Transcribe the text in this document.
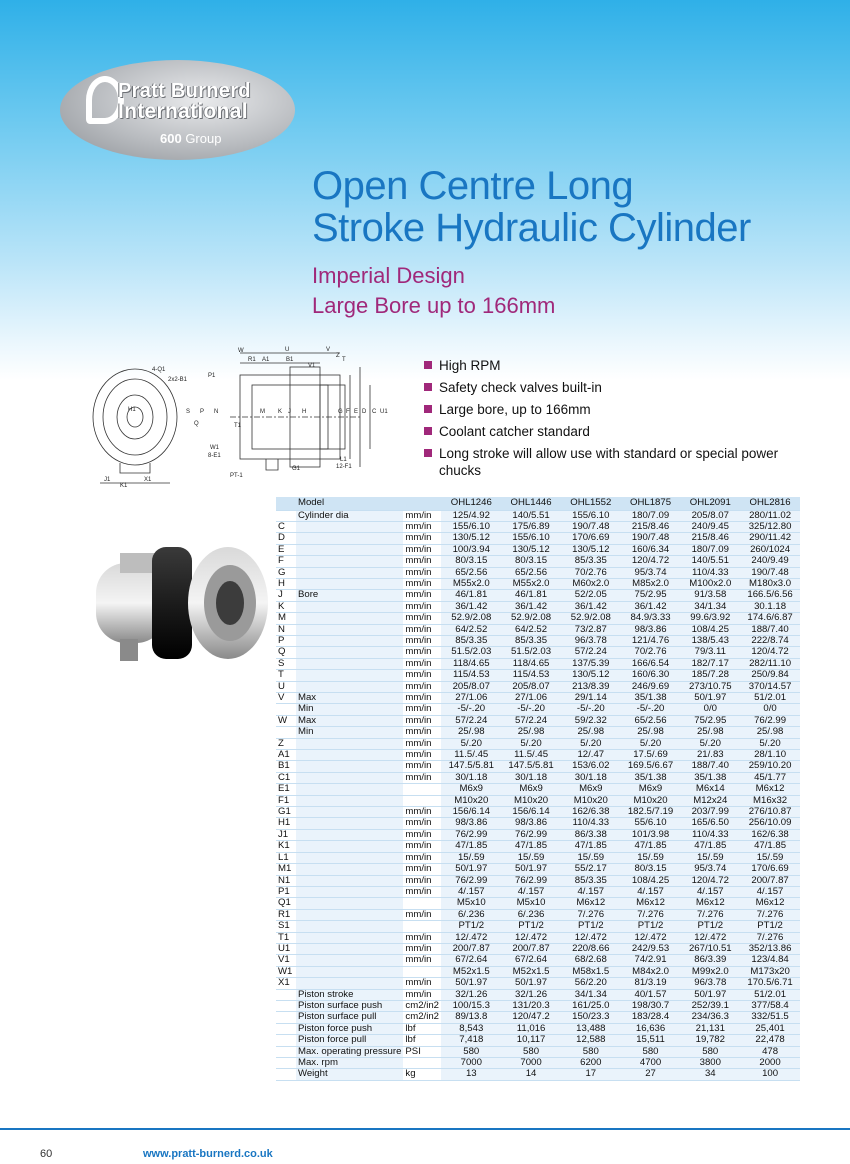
Pratt Burnerd
International
600 Group
Open Centre Long
Stroke Hydraulic Cylinder
Imperial Design
Large Bore up to 166mm
W	U	V
Z
T
R1 A1	B1
V1
4-Q1
2x2-B1
P1
S P N	M K J H	G F E D C U1
Q	T1
W1
8-E1
PT-1
G1
L1
12-F1
J1
K1
X1
H1
High RPM
Safety check valves built-in
Large bore, up to 166mm
Coolant catcher standard
Long stroke will allow use with standard or special power chucks
	Model		OHL1246	OHL1446	OHL1552	OHL1875	OHL2091	OHL2816
	Cylinder dia	mm/in	125/4.92	140/5.51	155/6.10	180/7.09	205/8.07	280/11.02
C		mm/in	155/6.10	175/6.89	190/7.48	215/8.46	240/9.45	325/12.80
D		mm/in	130/5.12	155/6.10	170/6.69	190/7.48	215/8.46	290/11.42
E		mm/in	100/3.94	130/5.12	130/5.12	160/6.34	180/7.09	260/1024
F		mm/in	80/3.15	80/3.15	85/3.35	120/4.72	140/5.51	240/9.49
G		mm/in	65/2.56	65/2.56	70/2.76	95/3.74	110/4.33	190/7.48
H		mm/in	M55x2.0	M55x2.0	M60x2.0	M85x2.0	M100x2.0	M180x3.0
J	Bore	mm/in	46/1.81	46/1.81	52/2.05	75/2.95	91/3.58	166.5/6.56
K		mm/in	36/1.42	36/1.42	36/1.42	36/1.42	34/1.34	30.1.18
M		mm/in	52.9/2.08	52.9/2.08	52.9/2.08	84.9/3.33	99.6/3.92	174.6/6.87
N		mm/in	64/2.52	64/2.52	73/2.87	98/3.86	108/4.25	188/7.40
P		mm/in	85/3.35	85/3.35	96/3.78	121/4.76	138/5.43	222/8.74
Q		mm/in	51.5/2.03	51.5/2.03	57/2.24	70/2.76	79/3.11	120/4.72
S		mm/in	118/4.65	118/4.65	137/5.39	166/6.54	182/7.17	282/11.10
T		mm/in	115/4.53	115/4.53	130/5.12	160/6.30	185/7.28	250/9.84
U		mm/in	205/8.07	205/8.07	213/8.39	246/9.69	273/10.75	370/14.57
V	Max	mm/in	27/1.06	27/1.06	29/1.14	35/1.38	50/1.97	51/2.01
	Min	mm/in	-5/-.20	-5/-.20	-5/-.20	-5/-.20	0/0	0/0
W	Max	mm/in	57/2.24	57/2.24	59/2.32	65/2.56	75/2.95	76/2.99
	Min	mm/in	25/.98	25/.98	25/.98	25/.98	25/.98	25/.98
Z		mm/in	5/.20	5/.20	5/.20	5/.20	5/.20	5/.20
A1		mm/in	11.5/.45	11.5/.45	12/.47	17.5/.69	21/.83	28/1.10
B1		mm/in	147.5/5.81	147.5/5.81	153/6.02	169.5/6.67	188/7.40	259/10.20
C1		mm/in	30/1.18	30/1.18	30/1.18	35/1.38	35/1.38	45/1.77
E1			M6x9	M6x9	M6x9	M6x9	M6x14	M6x12
F1			M10x20	M10x20	M10x20	M10x20	M12x24	M16x32
G1		mm/in	156/6.14	156/6.14	162/6.38	182.5/7.19	203/7.99	276/10.87
H1		mm/in	98/3.86	98/3.86	110/4.33	55/6.10	165/6.50	256/10.09
J1		mm/in	76/2.99	76/2.99	86/3.38	101/3.98	110/4.33	162/6.38
K1		mm/in	47/1.85	47/1.85	47/1.85	47/1.85	47/1.85	47/1.85
L1		mm/in	15/.59	15/.59	15/.59	15/.59	15/.59	15/.59
M1		mm/in	50/1.97	50/1.97	55/2.17	80/3.15	95/3.74	170/6.69
N1		mm/in	76/2.99	76/2.99	85/3.35	108/4.25	120/4.72	200/7.87
P1		mm/in	4/.157	4/.157	4/.157	4/.157	4/.157	4/.157
Q1			M5x10	M5x10	M6x12	M6x12	M6x12	M6x12
R1		mm/in	6/.236	6/.236	7/.276	7/.276	7/.276	7/.276
S1			PT1/2	PT1/2	PT1/2	PT1/2	PT1/2	PT1/2
T1		mm/in	12/.472	12/.472	12/.472	12/.472	12/.472	7/.276
U1		mm/in	200/7.87	200/7.87	220/8.66	242/9.53	267/10.51	352/13.86
V1		mm/in	67/2.64	67/2.64	68/2.68	74/2.91	86/3.39	123/4.84
W1			M52x1.5	M52x1.5	M58x1.5	M84x2.0	M99x2.0	M173x20
X1		mm/in	50/1.97	50/1.97	56/2.20	81/3.19	96/3.78	170.5/6.71
	Piston stroke	mm/in	32/1.26	32/1.26	34/1.34	40/1.57	50/1.97	51/2.01
	Piston surface push	cm2/in2	100/15.3	131/20.3	161/25.0	198/30.7	252/39.1	377/58.4
	Piston surface pull	cm2/in2	89/13.8	120/47.2	150/23.3	183/28.4	234/36.3	332/51.5
	Piston force push	lbf	8,543	11,016	13,488	16,636	21,131	25,401
	Piston force pull	lbf	7,418	10,117	12,588	15,511	19,782	22,478
	Max. operating pressure	PSI	580	580	580	580	580	478
	Max. rpm		7000	7000	6200	4700	3800	2000
	Weight	kg	13	14	17	27	34	100
60	www.pratt-burnerd.co.uk
